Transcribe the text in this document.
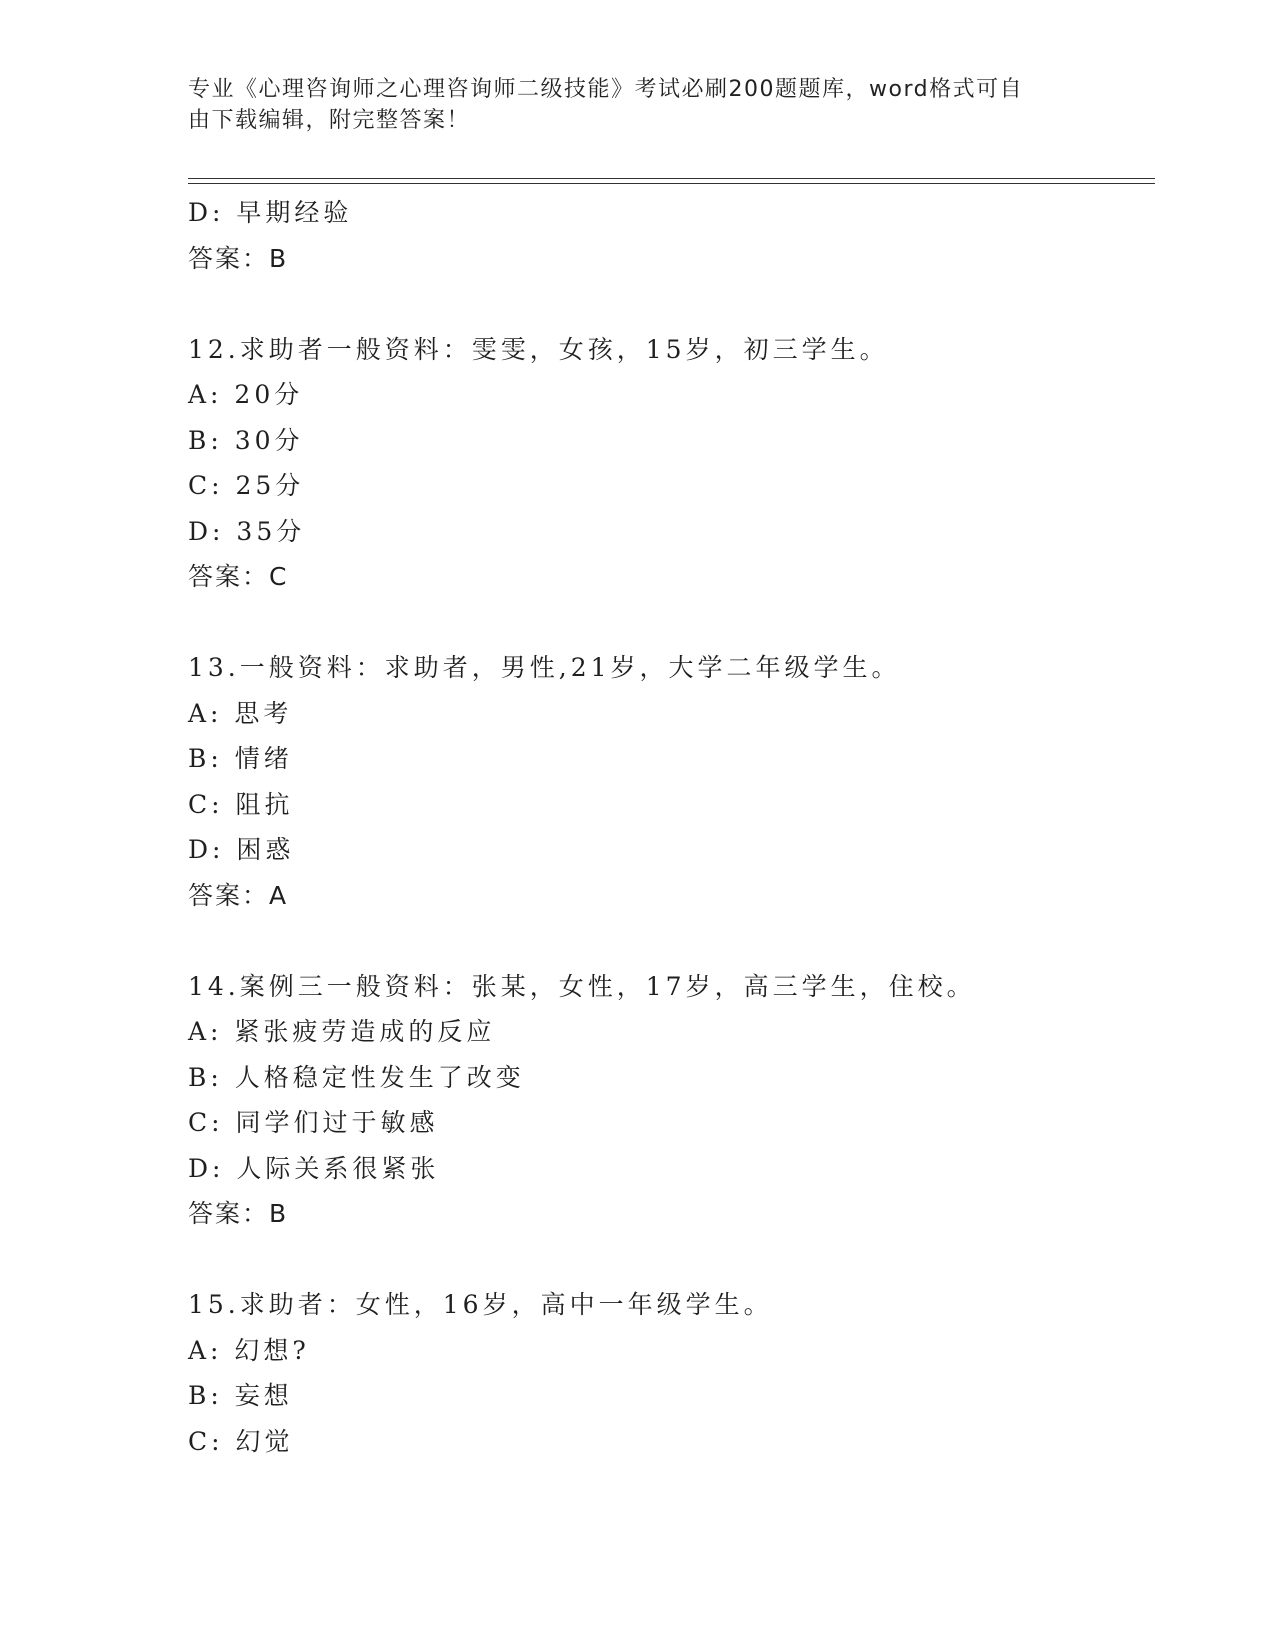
专业《心理咨询师之心理咨询师二级技能》考试必刷200题题库，word格式可自
由下载编辑，附完整答案！
D: 早期经验
答案：B
12.求助者一般资料：雯雯，女孩，15岁，初三学生。
A: 20分
B: 30分
C: 25分
D: 35分
答案：C
13.一般资料：求助者，男性,21岁，大学二年级学生。
A: 思考
B: 情绪
C: 阻抗
D: 困惑
答案：A
14.案例三一般资料：张某，女性，17岁，高三学生，住校。
A: 紧张疲劳造成的反应
B: 人格稳定性发生了改变
C: 同学们过于敏感
D: 人际关系很紧张
答案：B
15.求助者：女性，16岁，高中一年级学生。
A: 幻想?
B: 妄想
C: 幻觉
